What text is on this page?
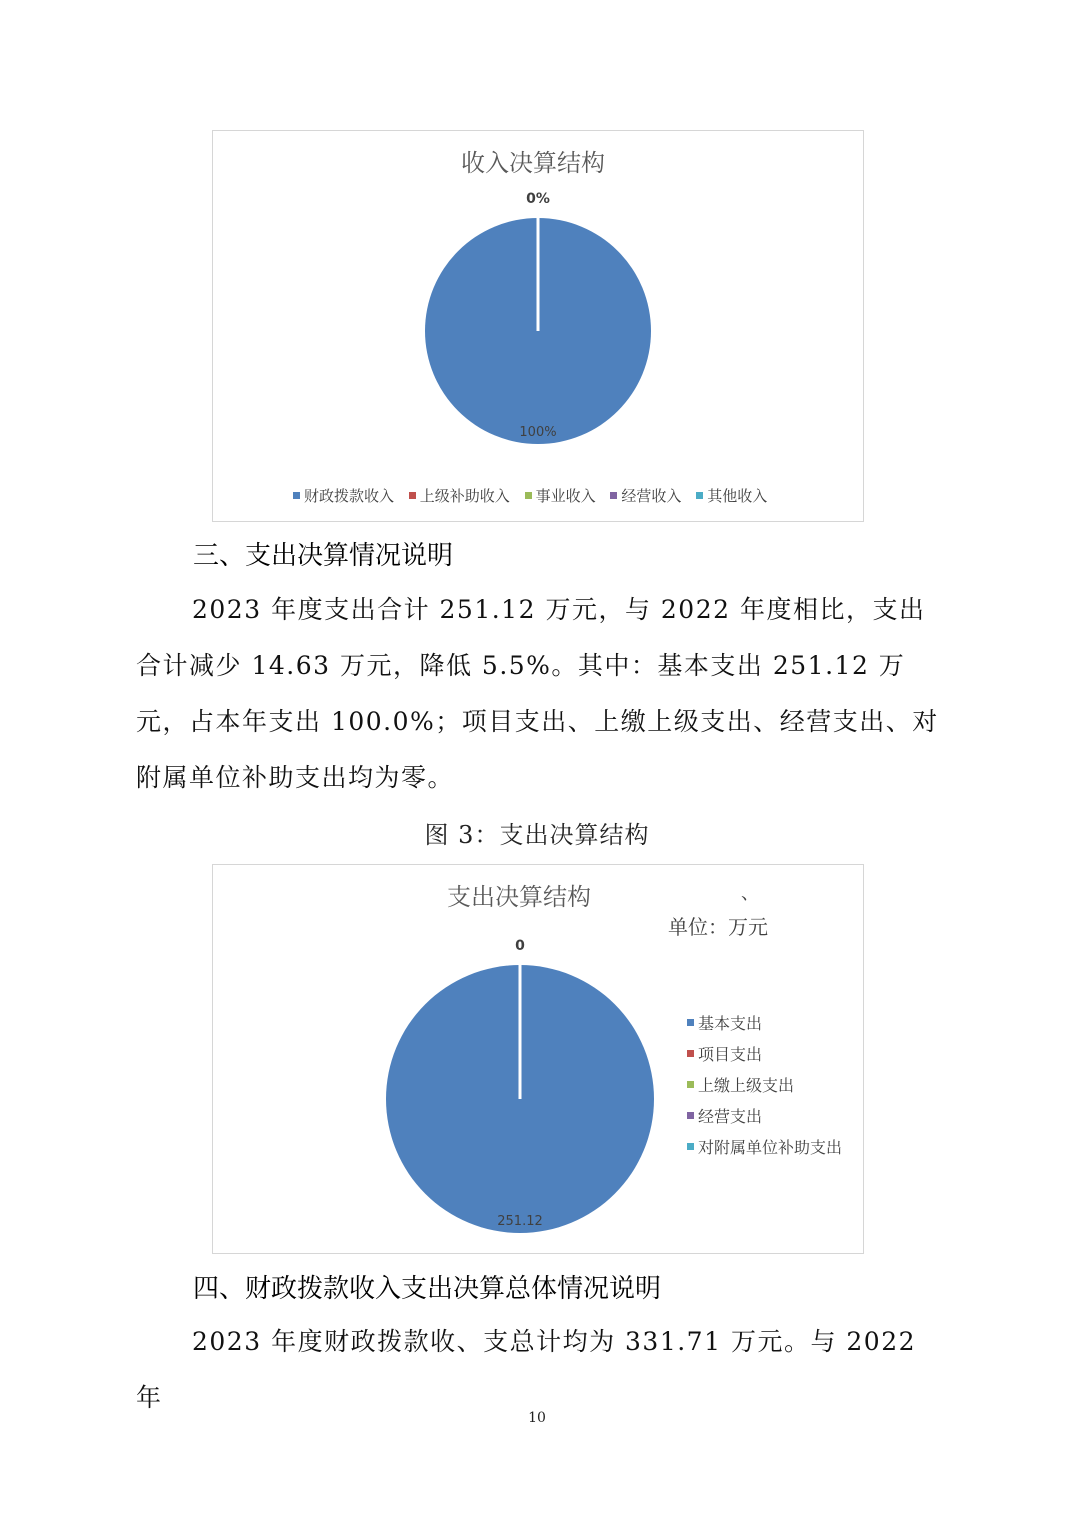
收入决算结构
0%
100%
财政拨款收入
上级补助收入
事业收入
经营收入
其他收入
三、支出决算情况说明

2023 年度支出合计 251.12 万元，与 2022 年度相比，支出合计减少 14.63 万元，降低 5.5%。其中：基本支出 251.12 万元，占本年支出 100.0%；项目支出、上缴上级支出、经营支出、对附属单位补助支出均为零。

图 3：支出决算结构
支出决算结构	、
单位：万元
0
251.12
基本支出
项目支出
上缴上级支出
经营支出
对附属单位补助支出
四、财政拨款收入支出决算总体情况说明

2023 年度财政拨款收、支总计均为 331.71 万元。与 2022 年

10
